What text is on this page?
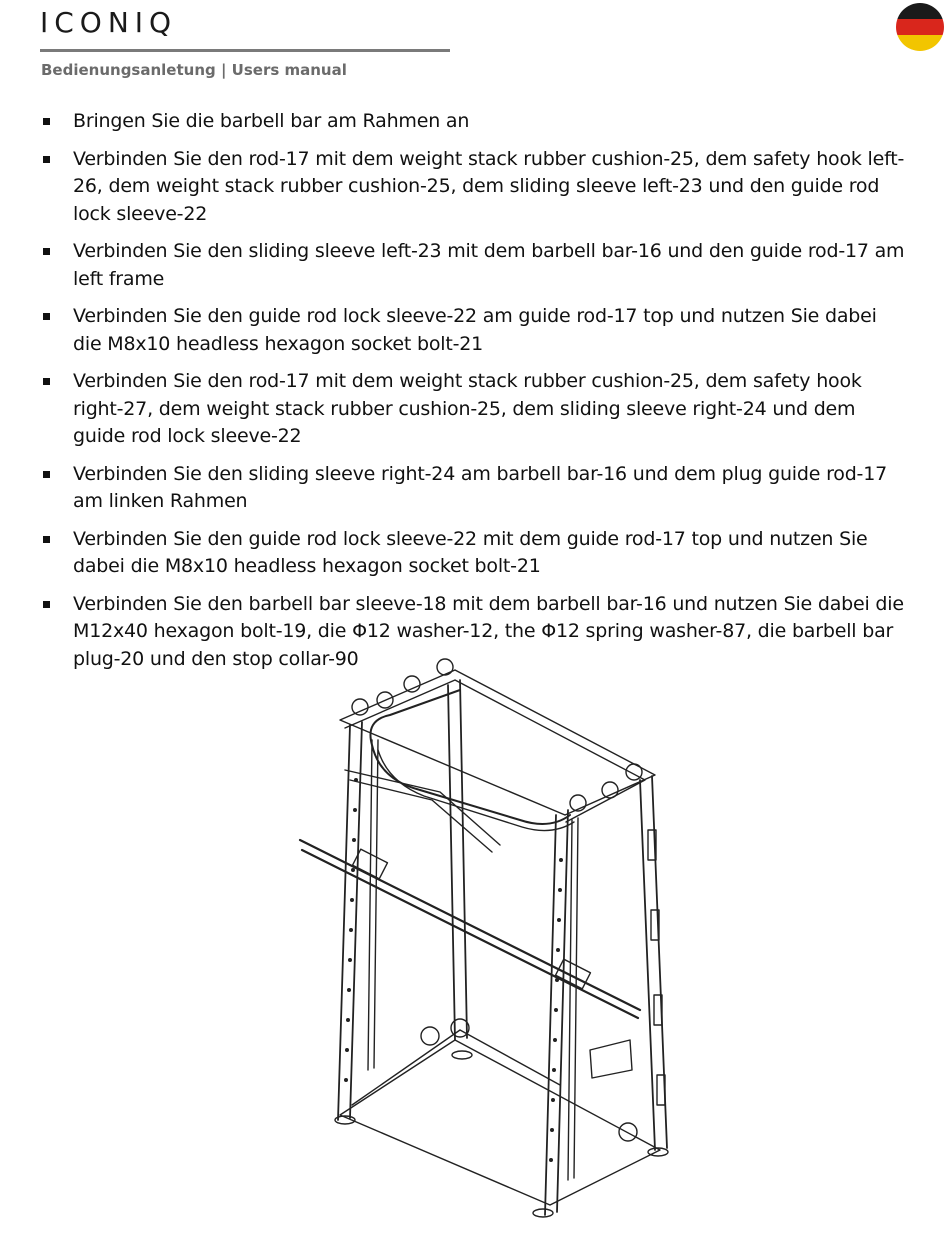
ICONIQ
Bedienungsanletung | Users manual
Bringen Sie die barbell bar am Rahmen an
Verbinden Sie den rod-17 mit dem weight stack rubber cushion-25, dem safety hook left-26, dem weight stack rubber cushion-25, dem sliding sleeve left-23 und den guide rod lock sleeve-22
Verbinden Sie den sliding sleeve left-23 mit dem barbell bar-16 und den guide rod-17 am left frame
Verbinden Sie den guide rod lock sleeve-22 am guide rod-17 top und nutzen Sie dabei die M8x10 headless hexagon socket bolt-21
Verbinden Sie den rod-17 mit dem weight stack rubber cushion-25, dem safety hook right-27, dem weight stack rubber cushion-25, dem sliding sleeve right-24 und dem guide rod lock sleeve-22
Verbinden Sie den sliding sleeve right-24 am barbell bar-16 und dem plug guide rod-17 am linken Rahmen
Verbinden Sie den guide rod lock sleeve-22 mit dem guide rod-17 top und nutzen Sie dabei die M8x10 headless hexagon socket bolt-21
Verbinden Sie den barbell bar sleeve-18 mit dem barbell bar-16 und nutzen Sie dabei die M12x40 hexagon bolt-19, die Φ12 washer-12, the Φ12 spring washer-87, die barbell bar plug-20 und den stop collar-90
